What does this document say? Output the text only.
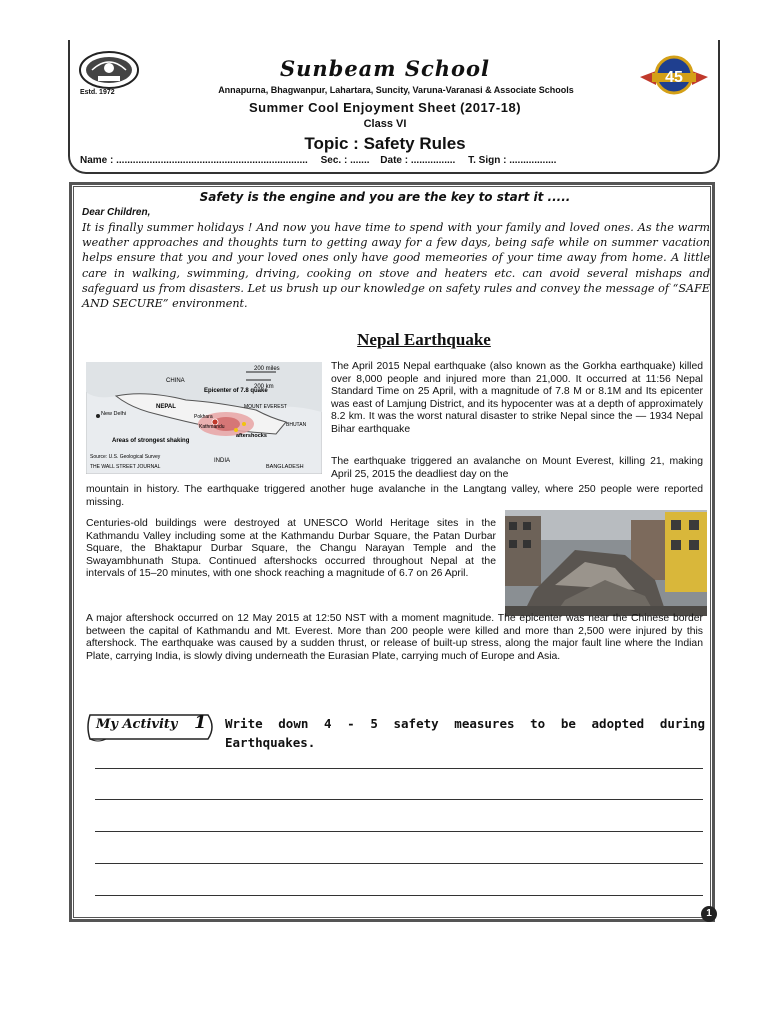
Estd. 1972
Sunbeam School
Annapurna, Bhagwanpur, Lahartara, Suncity, Varuna-Varanasi & Associate Schools
45
Summer Cool Enjoyment Sheet (2017-18)
Class VI
Topic : Safety Rules
Name : ..................................................................... Sec. : ....... Date : ................ T. Sign : .................
Safety is the engine and you are the key to start it .....
Dear Children,
It is finally summer holidays ! And now you have time to spend with your family and loved ones. As the warm weather approaches and thoughts turn to getting away for a few days, being safe while on summer vacation helps ensure that you and your loved ones only have good memeories of your time away from home. A little care in walking, swimming, driving, cooking on stove and heaters etc. can avoid several mishaps and safeguard us from disasters. Let us brush up our knowledge on safety rules and convey the message of “SAFE AND SECURE” environment.
Nepal Earthquake
200 miles
200 km
CHINA
Epicenter of 7.8 quake
NEPAL
New Delhi	Pokhara
MOUNT EVEREST
Kathmandu	BHUTAN
aftershocks
Areas of strongest shaking
Source: U.S. Geological Survey
THE WALL STREET JOURNAL
INDIA
BANGLADESH
The April 2015 Nepal earthquake (also known as the Gorkha earthquake) killed over 8,000 people and injured more than 21,000. It occurred at 11:56 Nepal Standard Time on 25 April, with a magnitude of 7.8 M or 8.1M and Its epicenter was east of Lamjung District, and its hypocenter was at a depth of approximately 8.2 km. It was the worst natural disaster to strike Nepal since the — 1934 Nepal Bihar earthquake
The earthquake triggered an avalanche on Mount Everest, killing 21, making April 25, 2015 the deadliest day on the
mountain in history. The earthquake triggered another huge avalanche in the Langtang valley, where 250 people were reported missing.
Centuries-old buildings were destroyed at UNESCO World Heritage sites in the Kathmandu Valley including some at the Kathmandu Durbar Square, the Patan Durbar Square, the Bhaktapur Durbar Square, the Changu Narayan Temple and the Swayambhunath Stupa. Continued aftershocks occurred throughout Nepal at the intervals of 15–20 minutes, with one shock reaching a magnitude of 6.7 on 26 April.
A major aftershock occurred on 12 May 2015 at 12:50 NST with a moment magnitude. The epicenter was near the Chinese border between the capital of Kathmandu and Mt. Everest. More than 200 people were killed and more than 2,500 were injured by this aftershock. The earthquake was caused by a sudden thrust, or release of built-up stress, along the major fault line where the Indian Plate, carrying India, is slowly diving underneath the Eurasian Plate, carrying much of Europe and Asia.
My Activity 1 Write down 4 - 5 safety measures to be adopted during Earthquakes.
1
